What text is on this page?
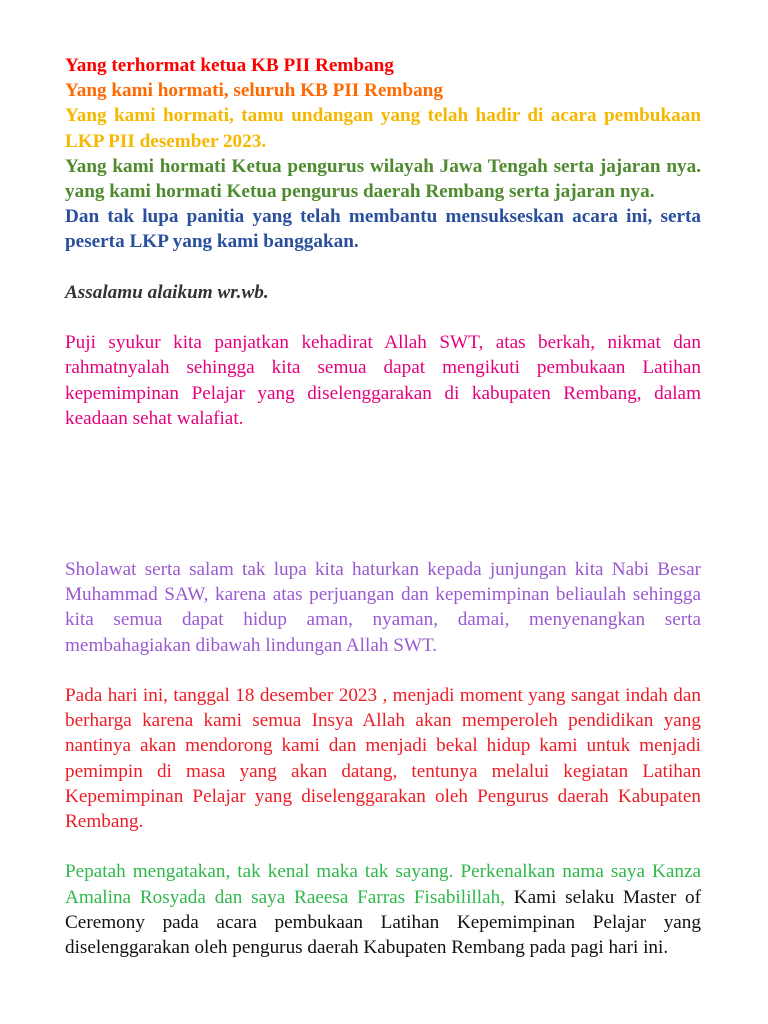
Yang terhormat ketua KB PII Rembang

Yang kami hormati, seluruh KB PII Rembang

Yang kami hormati, tamu undangan yang telah hadir di acara pembukaan LKP PII desember 2023.

Yang kami hormati Ketua pengurus wilayah Jawa Tengah serta jajaran nya. yang kami hormati Ketua pengurus daerah Rembang serta jajaran nya.

Dan tak lupa panitia yang telah membantu mensukseskan acara ini, serta peserta LKP yang kami banggakan.

Assalamu alaikum wr.wb.

Puji syukur kita panjatkan kehadirat Allah SWT, atas berkah, nikmat dan rahmatnyalah sehingga kita semua dapat mengikuti pembukaan Latihan kepemimpinan Pelajar yang diselenggarakan di kabupaten Rembang, dalam keadaan sehat walafiat.

Sholawat serta salam tak lupa kita haturkan kepada junjungan kita Nabi Besar Muhammad SAW, karena atas perjuangan dan kepemimpinan beliaulah sehingga kita semua dapat hidup aman, nyaman, damai, menyenangkan serta membahagiakan dibawah lindungan Allah SWT.

Pada hari ini, tanggal 18 desember 2023 , menjadi moment yang sangat indah dan berharga karena kami semua Insya Allah akan memperoleh pendidikan yang nantinya akan mendorong kami dan menjadi bekal hidup kami untuk menjadi pemimpin di masa yang akan datang, tentunya melalui kegiatan Latihan Kepemimpinan Pelajar yang diselenggarakan oleh Pengurus daerah Kabupaten Rembang.

Pepatah mengatakan, tak kenal maka tak sayang. Perkenalkan nama saya Kanza Amalina Rosyada dan saya Raeesa Farras Fisabilillah, Kami selaku Master of Ceremony pada acara pembukaan Latihan Kepemimpinan Pelajar yang diselenggarakan oleh pengurus daerah Kabupaten Rembang pada pagi hari ini.
